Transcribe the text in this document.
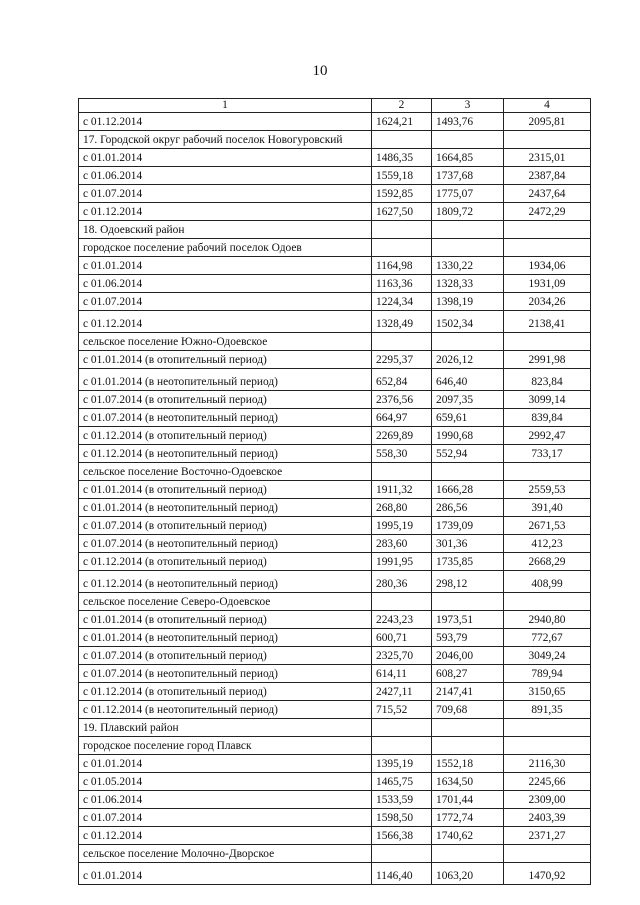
10
1	2	3	4
с 01.12.2014	1624,21	1493,76	2095,81
17. Городской округ рабочий поселок Новогуровский			
с 01.01.2014	1486,35	1664,85	2315,01
с 01.06.2014	1559,18	1737,68	2387,84
с 01.07.2014	1592,85	1775,07	2437,64
с 01.12.2014	1627,50	1809,72	2472,29
18. Одоевский район			
городское поселение рабочий поселок Одоев			
с 01.01.2014	1164,98	1330,22	1934,06
с 01.06.2014	1163,36	1328,33	1931,09
с 01.07.2014	1224,34	1398,19	2034,26
с 01.12.2014	1328,49	1502,34	2138,41
сельское поселение Южно-Одоевское			
с 01.01.2014 (в отопительный период)	2295,37	2026,12	2991,98
с 01.01.2014 (в неотопительный период)	652,84	646,40	823,84
с 01.07.2014 (в отопительный период)	2376,56	2097,35	3099,14
с 01.07.2014 (в неотопительный период)	664,97	659,61	839,84
с 01.12.2014 (в отопительный период)	2269,89	1990,68	2992,47
с 01.12.2014 (в неотопительный период)	558,30	552,94	733,17
сельское поселение Восточно-Одоевское			
с 01.01.2014 (в отопительный период)	1911,32	1666,28	2559,53
с 01.01.2014 (в неотопительный период)	268,80	286,56	391,40
с 01.07.2014 (в отопительный период)	1995,19	1739,09	2671,53
с 01.07.2014 (в неотопительный период)	283,60	301,36	412,23
с 01.12.2014 (в отопительный период)	1991,95	1735,85	2668,29
с 01.12.2014 (в неотопительный период)	280,36	298,12	408,99
сельское поселение Северо-Одоевское			
с 01.01.2014 (в отопительный период)	2243,23	1973,51	2940,80
с 01.01.2014 (в неотопительный период)	600,71	593,79	772,67
с 01.07.2014 (в отопительный период)	2325,70	2046,00	3049,24
с 01.07.2014 (в неотопительный период)	614,11	608,27	789,94
с 01.12.2014 (в отопительный период)	2427,11	2147,41	3150,65
с 01.12.2014 (в неотопительный период)	715,52	709,68	891,35
19. Плавский район			
городское поселение город Плавск			
с 01.01.2014	1395,19	1552,18	2116,30
с 01.05.2014	1465,75	1634,50	2245,66
с 01.06.2014	1533,59	1701,44	2309,00
с 01.07.2014	1598,50	1772,74	2403,39
с 01.12.2014	1566,38	1740,62	2371,27
сельское поселение Молочно-Дворское			
с 01.01.2014	1146,40	1063,20	1470,92
